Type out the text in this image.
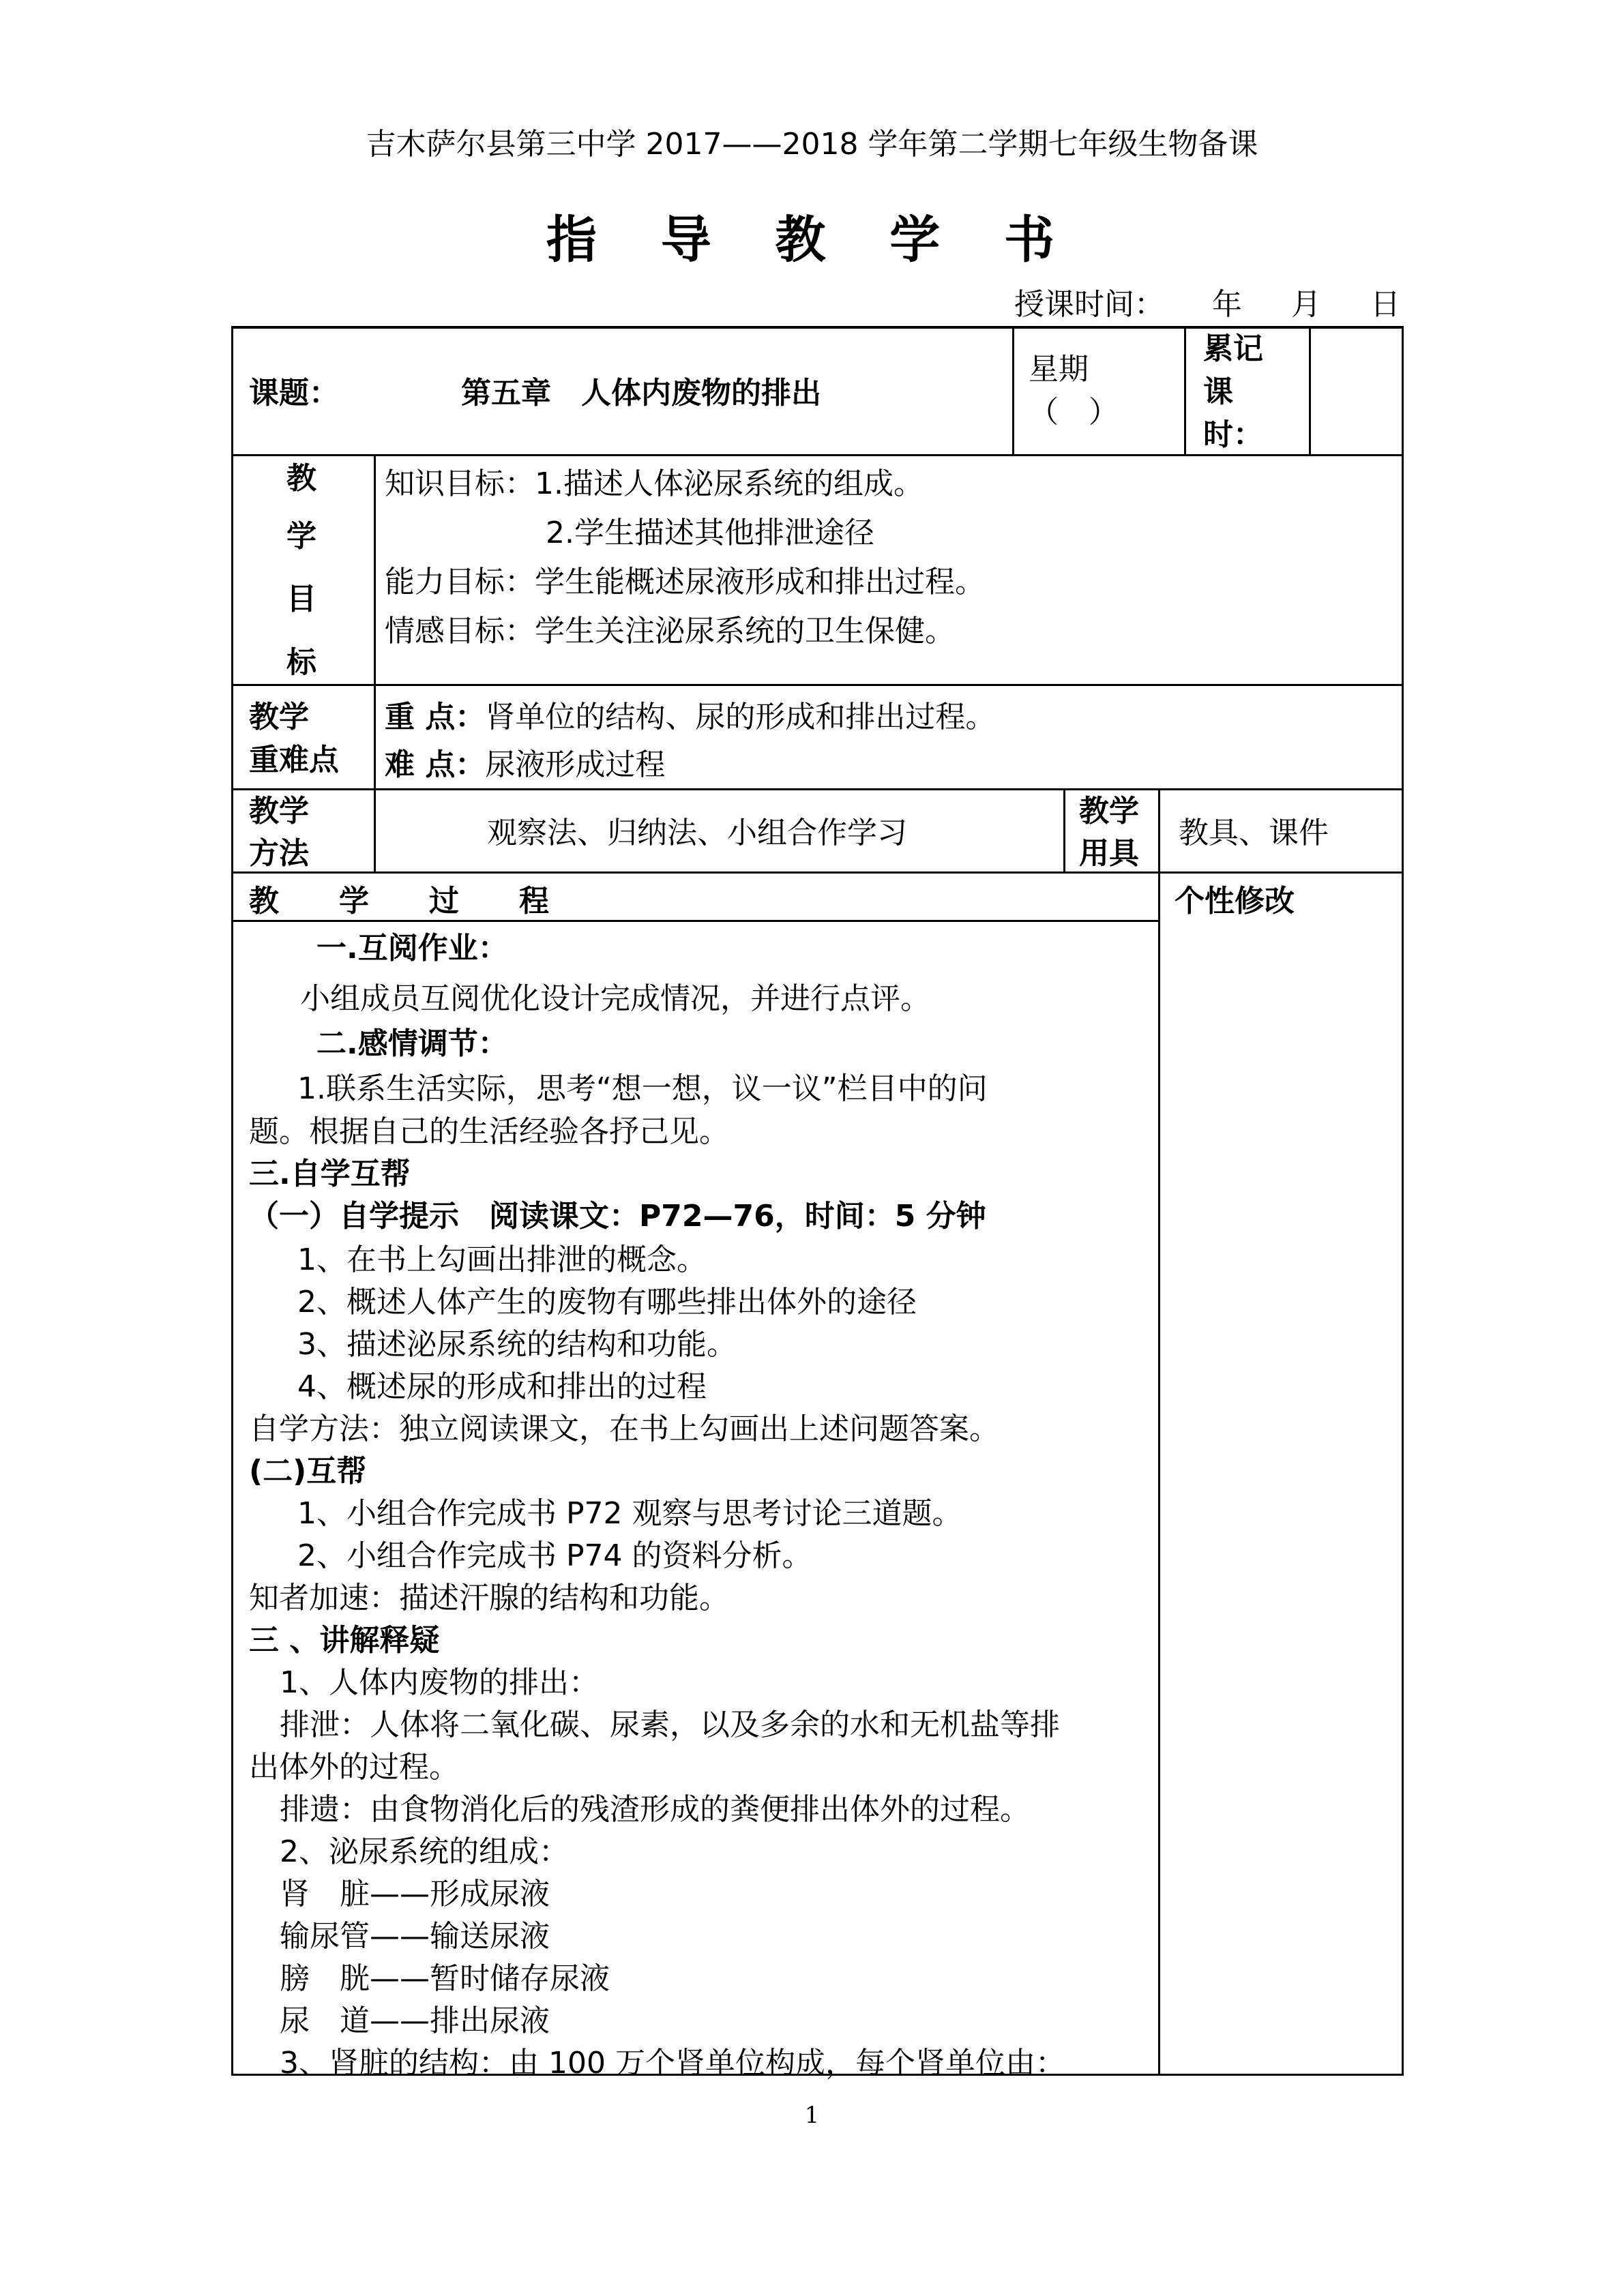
吉木萨尔县第三中学 2017——2018 学年第二学期七年级生物备课
指 导 教 学 书
授课时间： 年 月 日
课题：	第五章　人体内废物的排出
星期
（　）
累记
课
时：
教
学
目
标
知识目标：1.描述人体泌尿系统的组成。
2.学生描述其他排泄途径
能力目标：学生能概述尿液形成和排出过程。
情感目标：学生关注泌尿系统的卫生保健。
教学
重难点
重 点：肾单位的结构、尿的形成和排出过程。
难 点：尿液形成过程
教学
方法
观察法、归纳法、小组合作学习
教学
用具
教具、课件
教　　学　　过　　程	个性修改
一.互阅作业：
小组成员互阅优化设计完成情况，并进行点评。
二.感情调节：
1.联系生活实际，思考“想一想，议一议”栏目中的问
题。根据自己的生活经验各抒己见。
三.自学互帮
（一）自学提示　阅读课文：P72—76，时间：5 分钟
1、在书上勾画出排泄的概念。
2、概述人体产生的废物有哪些排出体外的途径
3、描述泌尿系统的结构和功能。
4、概述尿的形成和排出的过程
自学方法：独立阅读课文，在书上勾画出上述问题答案。
(二)互帮
1、小组合作完成书 P72 观察与思考讨论三道题。
2、小组合作完成书 P74 的资料分析。
知者加速：描述汗腺的结构和功能。
三 、讲解释疑
1、人体内废物的排出：
排泄：人体将二氧化碳、尿素，以及多余的水和无机盐等排
出体外的过程。
排遗：由食物消化后的残渣形成的粪便排出体外的过程。
2、泌尿系统的组成：
肾　脏——形成尿液
输尿管——输送尿液
膀　胱——暂时储存尿液
尿　道——排出尿液
3、肾脏的结构：由 100 万个肾单位构成，每个肾单位由：
1
